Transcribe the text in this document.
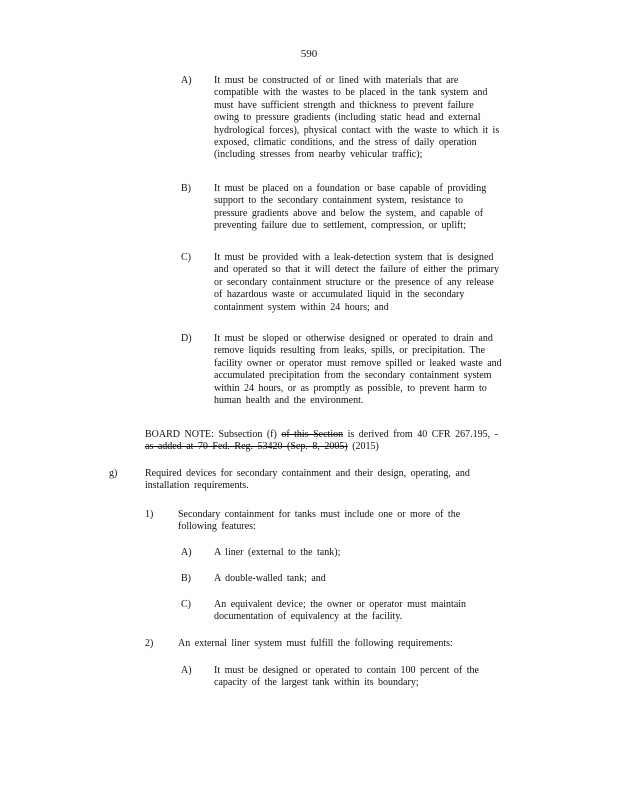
590
A) It must be constructed of or lined with materials that are
compatible with the wastes to be placed in the tank system and
must have sufficient strength and thickness to prevent failure
owing to pressure gradients (including static head and external
hydrological forces), physical contact with the waste to which it is
exposed, climatic conditions, and the stress of daily operation
(including stresses from nearby vehicular traffic);
B) It must be placed on a foundation or base capable of providing
support to the secondary containment system, resistance to
pressure gradients above and below the system, and capable of
preventing failure due to settlement, compression, or uplift;
C) It must be provided with a leak-detection system that is designed
and operated so that it will detect the failure of either the primary
or secondary containment structure or the presence of any release
of hazardous waste or accumulated liquid in the secondary
containment system within 24 hours; and
D) It must be sloped or otherwise designed or operated to drain and
remove liquids resulting from leaks, spills, or precipitation. The
facility owner or operator must remove spilled or leaked waste and
accumulated precipitation from the secondary containment system
within 24 hours, or as promptly as possible, to prevent harm to
human health and the environment.
BOARD NOTE: Subsection (f) of this Section is derived from 40 CFR 267.195, -
as added at 70 Fed. Reg. 53420 (Sep. 8, 2005) (2015)
g)	Required devices for secondary containment and their design, operating, and
installation requirements.
1) Secondary containment for tanks must include one or more of the
following features:
A) A liner (external to the tank);
B) A double-walled tank; and
C) An equivalent device; the owner or operator must maintain
documentation of equivalency at the facility.
2) An external liner system must fulfill the following requirements:
A) It must be designed or operated to contain 100 percent of the
capacity of the largest tank within its boundary;
